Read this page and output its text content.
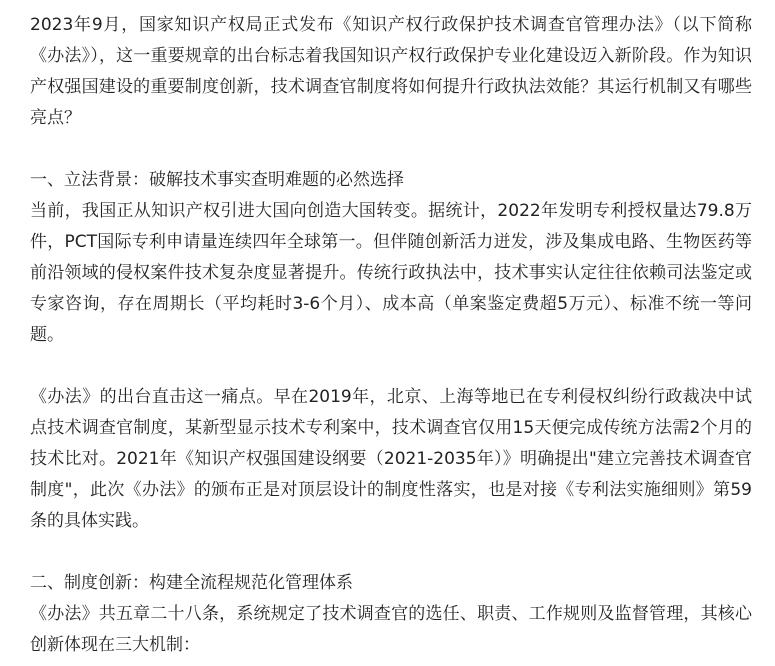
2023年9月，国家知识产权局正式发布《知识产权行政保护技术调查官管理办法》（以下简称《办法》），这一重要规章的出台标志着我国知识产权行政保护专业化建设迈入新阶段。作为知识产权强国建设的重要制度创新，技术调查官制度将如何提升行政执法效能？其运行机制又有哪些亮点？

一、立法背景：破解技术事实查明难题的必然选择

当前，我国正从知识产权引进大国向创造大国转变。据统计，2022年发明专利授权量达79.8万件，PCT国际专利申请量连续四年全球第一。但伴随创新活力迸发，涉及集成电路、生物医药等前沿领域的侵权案件技术复杂度显著提升。传统行政执法中，技术事实认定往往依赖司法鉴定或专家咨询，存在周期长（平均耗时3-6个月）、成本高（单案鉴定费超5万元）、标准不统一等问题。

《办法》的出台直击这一痛点。早在2019年，北京、上海等地已在专利侵权纠纷行政裁决中试点技术调查官制度，某新型显示技术专利案中，技术调查官仅用15天便完成传统方法需2个月的技术比对。2021年《知识产权强国建设纲要（2021-2035年）》明确提出"建立完善技术调查官制度"，此次《办法》的颁布正是对顶层设计的制度性落实，也是对接《专利法实施细则》第59条的具体实践。

二、制度创新：构建全流程规范化管理体系

《办法》共五章二十八条，系统规定了技术调查官的选任、职责、工作规则及监督管理，其核心创新体现在三大机制：
